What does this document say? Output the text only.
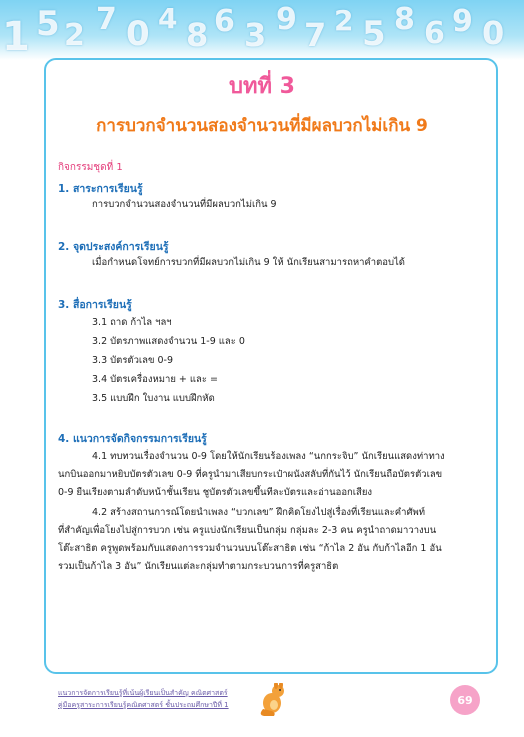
1 5 2 7 0 4 8 6 3 9 7 2 5 8 6 9 0
บทที่ 3
การบวกจำนวนสองจำนวนที่มีผลบวกไม่เกิน 9
กิจกรรมชุดที่ 1
1. สาระการเรียนรู้
การบวกจำนวนสองจำนวนที่มีผลบวกไม่เกิน 9
2. จุดประสงค์การเรียนรู้
เมื่อกำหนดโจทย์การบวกที่มีผลบวกไม่เกิน 9 ให้ นักเรียนสามารถหาคำตอบได้
3. สื่อการเรียนรู้
3.1 ถาด ก้าไล ฯลฯ
3.2 บัตรภาพแสดงจำนวน 1-9 และ 0
3.3 บัตรตัวเลข 0-9
3.4 บัตรเครื่องหมาย + และ =
3.5 แบบฝึก ใบงาน แบบฝึกหัด
4. แนวการจัดกิจกรรมการเรียนรู้
4.1 ทบทวนเรื่องจำนวน 0-9 โดยให้นักเรียนร้องเพลง “นกกระจิบ” นักเรียนแสดงท่าทาง
นกบินออกมาหยิบบัตรตัวเลข 0-9 ที่ครูนำมาเสียบกระเป๋าผนังสลับที่กันไว้ นักเรียนถือบัตรตัวเลข
0-9 ยืนเรียงตามลำดับหน้าชั้นเรียน ชูบัตรตัวเลขขึ้นทีละบัตรและอ่านออกเสียง
4.2 สร้างสถานการณ์โดยนำเพลง “บวกเลข” ฝึกคิดโยงไปสู่เรื่องที่เรียนและคำศัพท์
ที่สำคัญเพื่อโยงไปสู่การบวก เช่น ครูแบ่งนักเรียนเป็นกลุ่ม กลุ่มละ 2-3 คน ครูนำถาดมาวางบน
โต๊ะสาธิต ครูพูดพร้อมกับแสดงการรวมจำนวนบนโต๊ะสาธิต เช่น “ก้าไล 2 อัน กับก้าไลอีก 1 อัน
รวมเป็นก้าไล 3 อัน” นักเรียนแต่ละกลุ่มทำตามกระบวนการที่ครูสาธิต
แนวการจัดการเรียนรู้ที่เน้นผู้เรียนเป็นสำคัญ คณิตศาสตร์
คู่มือครูสาระการเรียนรู้คณิตศาสตร์ ชั้นประถมศึกษาปีที่ 1	69
